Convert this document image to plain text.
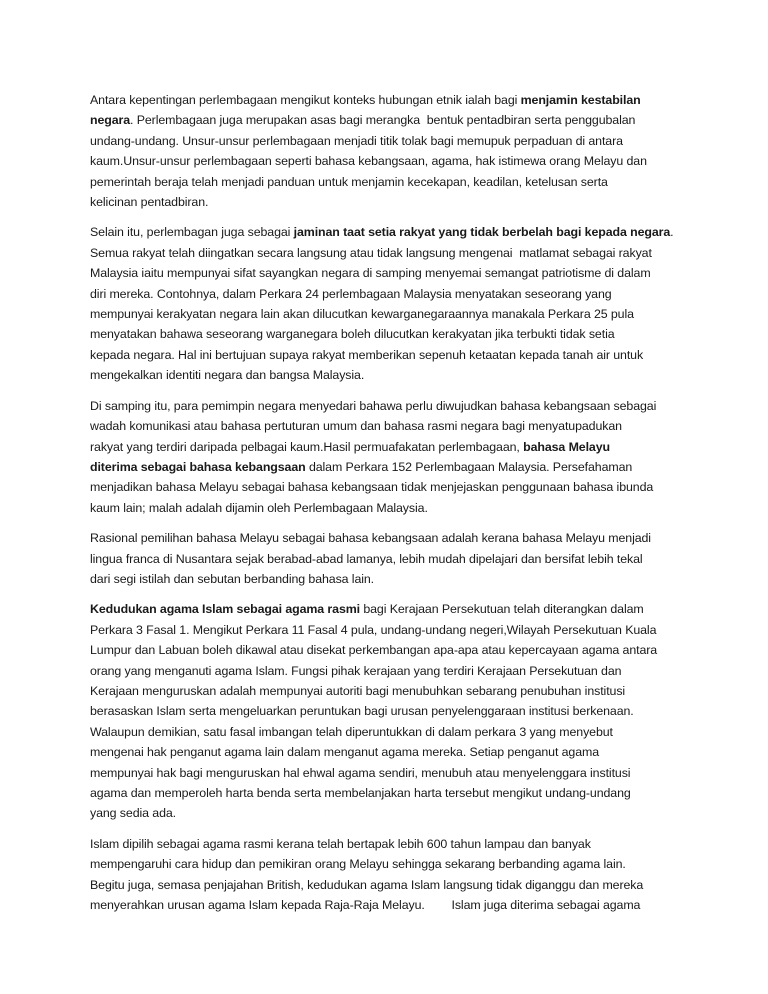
Antara kepentingan perlembagaan mengikut konteks hubungan etnik ialah bagi menjamin kestabilan
negara. Perlembagaan juga merupakan asas bagi merangka  bentuk pentadbiran serta penggubalan
undang-undang. Unsur-unsur perlembagaan menjadi titik tolak bagi memupuk perpaduan di antara
kaum.Unsur-unsur perlembagaan seperti bahasa kebangsaan, agama, hak istimewa orang Melayu dan
pemerintah beraja telah menjadi panduan untuk menjamin kecekapan, keadilan, ketelusan serta
kelicinan pentadbiran.

Selain itu, perlembagan juga sebagai jaminan taat setia rakyat yang tidak berbelah bagi kepada negara.
Semua rakyat telah diingatkan secara langsung atau tidak langsung mengenai  matlamat sebagai rakyat
Malaysia iaitu mempunyai sifat sayangkan negara di samping menyemai semangat patriotisme di dalam
diri mereka. Contohnya, dalam Perkara 24 perlembagaan Malaysia menyatakan seseorang yang
mempunyai kerakyatan negara lain akan dilucutkan kewarganegaraannya manakala Perkara 25 pula
menyatakan bahawa seseorang warganegara boleh dilucutkan kerakyatan jika terbukti tidak setia
kepada negara. Hal ini bertujuan supaya rakyat memberikan sepenuh ketaatan kepada tanah air untuk
mengekalkan identiti negara dan bangsa Malaysia.

Di samping itu, para pemimpin negara menyedari bahawa perlu diwujudkan bahasa kebangsaan sebagai
wadah komunikasi atau bahasa pertuturan umum dan bahasa rasmi negara bagi menyatupadukan
rakyat yang terdiri daripada pelbagai kaum.Hasil permuafakatan perlembagaan, bahasa Melayu
diterima sebagai bahasa kebangsaan dalam Perkara 152 Perlembagaan Malaysia. Persefahaman
menjadikan bahasa Melayu sebagai bahasa kebangsaan tidak menjejaskan penggunaan bahasa ibunda
kaum lain; malah adalah dijamin oleh Perlembagaan Malaysia.

Rasional pemilihan bahasa Melayu sebagai bahasa kebangsaan adalah kerana bahasa Melayu menjadi
lingua franca di Nusantara sejak berabad-abad lamanya, lebih mudah dipelajari dan bersifat lebih tekal
dari segi istilah dan sebutan berbanding bahasa lain.

Kedudukan agama Islam sebagai agama rasmi bagi Kerajaan Persekutuan telah diterangkan dalam
Perkara 3 Fasal 1. Mengikut Perkara 11 Fasal 4 pula, undang-undang negeri,Wilayah Persekutuan Kuala
Lumpur dan Labuan boleh dikawal atau disekat perkembangan apa-apa atau kepercayaan agama antara
orang yang menganuti agama Islam. Fungsi pihak kerajaan yang terdiri Kerajaan Persekutuan dan
Kerajaan menguruskan adalah mempunyai autoriti bagi menubuhkan sebarang penubuhan institusi
berasaskan Islam serta mengeluarkan peruntukan bagi urusan penyelenggaraan institusi berkenaan.
Walaupun demikian, satu fasal imbangan telah diperuntukkan di dalam perkara 3 yang menyebut
mengenai hak penganut agama lain dalam menganut agama mereka. Setiap penganut agama
mempunyai hak bagi menguruskan hal ehwal agama sendiri, menubuh atau menyelenggara institusi
agama dan memperoleh harta benda serta membelanjakan harta tersebut mengikut undang-undang
yang sedia ada.

Islam dipilih sebagai agama rasmi kerana telah bertapak lebih 600 tahun lampau dan banyak
mempengaruhi cara hidup dan pemikiran orang Melayu sehingga sekarang berbanding agama lain.
Begitu juga, semasa penjajahan British, kedudukan agama Islam langsung tidak diganggu dan mereka
menyerahkan urusan agama Islam kepada Raja-Raja Melayu.        Islam juga diterima sebagai agama
